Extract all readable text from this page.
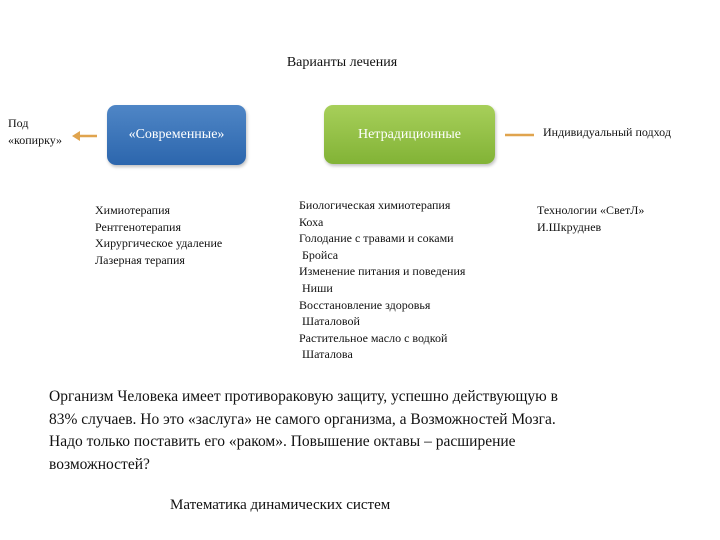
Варианты лечения
Под
«копирку»	«Современные»	Нетрадиционные	Индивидуальный подход
Химиотерапия
Рентгенотерапия
Хирургическое удаление
Лазерная терапия
Биологическая химиотерапия
Коха
Голодание с травами и соками
Бройса
Изменение питания и поведения
Ниши
Восстановление здоровья
Шаталовой
Растительное масло с водкой
Шаталова
Технологии «СветЛ»
И.Шкруднев
Организм Человека имеет противораковую защиту, успешно действующую в
83% случаев. Но это «заслуга» не самого организма, а Возможностей Мозга.
Надо только поставить его «раком». Повышение октавы – расширение
возможностей?
Математика динамических систем
